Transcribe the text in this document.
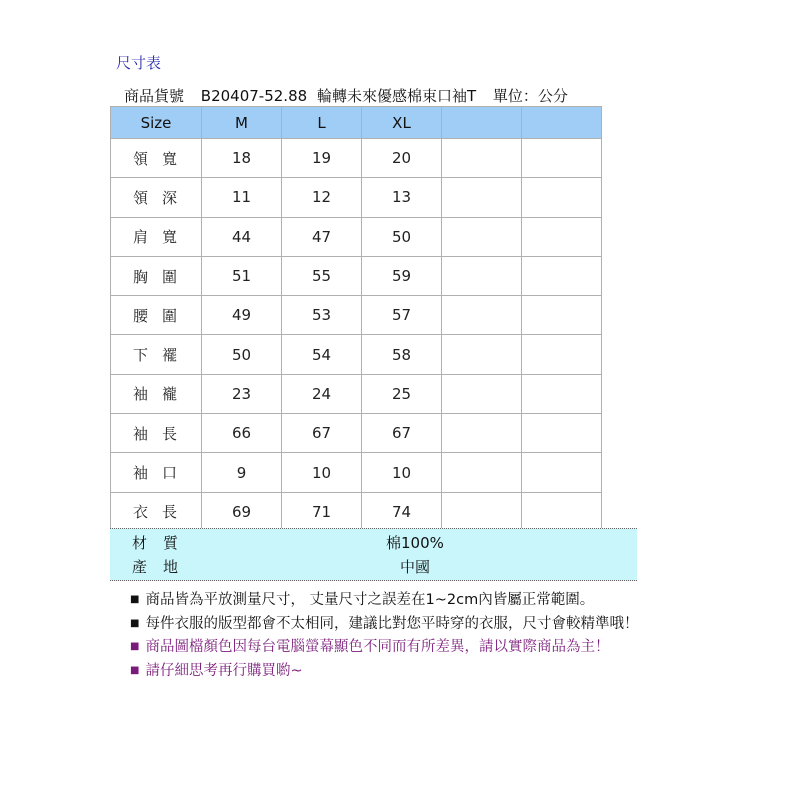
尺寸表
商品貨號 B20407-52.88 輪轉未來優感棉束口袖T 單位：公分
Size	M	L	XL		
領寬	18	19	20		
領深	11	12	13		
肩寬	44	47	50		
胸圍	51	55	59		
腰圍	49	53	57		
下襬	50	54	58		
袖襱	23	24	25		
袖長	66	67	67		
袖口	9	10	10		
衣長	69	71	74		
材質	棉100%
產地	中國
■ 商品皆為平放測量尺寸， 丈量尺寸之誤差在1~2cm內皆屬正常範圍。
■ 每件衣服的版型都會不太相同，建議比對您平時穿的衣服，尺寸會較精準哦！
■ 商品圖檔顏色因每台電腦螢幕顯色不同而有所差異，請以實際商品為主！
■ 請仔細思考再行購買喲~
